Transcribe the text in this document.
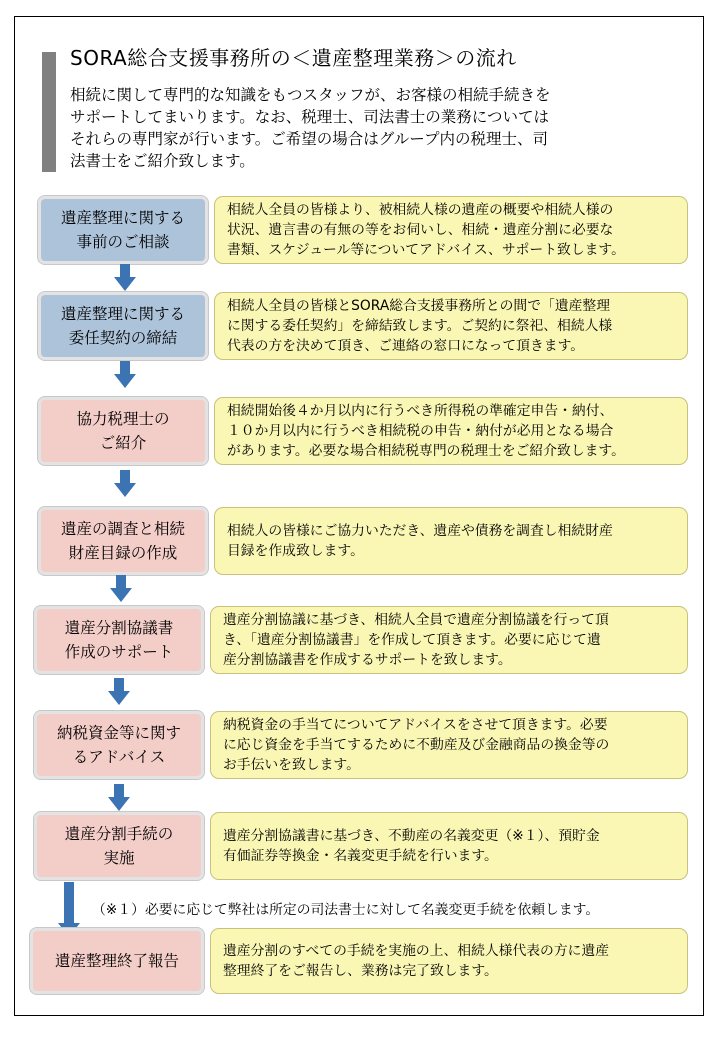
SORA総合支援事務所の＜遺産整理業務＞の流れ
相続に関して専門的な知識をもつスタッフが、お客様の相続手続きを
サポートしてまいります。なお、税理士、司法書士の業務については
それらの専門家が行います。ご希望の場合はグループ内の税理士、司
法書士をご紹介致します。
遺産整理に関する
事前のご相談
相続人全員の皆様より、被相続人様の遺産の概要や相続人様の
状況、遺言書の有無の等をお伺いし、相続・遺産分割に必要な
書類、スケジュール等についてアドバイス、サポート致します。
遺産整理に関する
委任契約の締結
相続人全員の皆様とSORA総合支援事務所との間で「遺産整理
に関する委任契約」を締結致します。ご契約に祭祀、相続人様
代表の方を決めて頂き、ご連絡の窓口になって頂きます。
協力税理士の
ご紹介
相続開始後４か月以内に行うべき所得税の準確定申告・納付、
１０か月以内に行うべき相続税の申告・納付が必用となる場合
があります。必要な場合相続税専門の税理士をご紹介致します。
遺産の調査と相続
財産目録の作成
相続人の皆様にご協力いただき、遺産や債務を調査し相続財産
目録を作成致します。
遺産分割協議書
作成のサポート
遺産分割協議に基づき、相続人全員で遺産分割協議を行って頂
き、「遺産分割協議書」を作成して頂きます。必要に応じて遺
産分割協議書を作成するサポートを致します。
納税資金等に関す
るアドバイス
納税資金の手当てについてアドバイスをさせて頂きます。必要
に応じ資金を手当てするために不動産及び金融商品の換金等の
お手伝いを致します。
遺産分割手続の
実施
遺産分割協議書に基づき、不動産の名義変更（※１）、預貯金
有価証券等換金・名義変更手続を行います。
（※１）必要に応じて弊社は所定の司法書士に対して名義変更手続を依頼します。
遺産整理終了報告
遺産分割のすべての手続を実施の上、相続人様代表の方に遺産
整理終了をご報告し、業務は完了致します。
